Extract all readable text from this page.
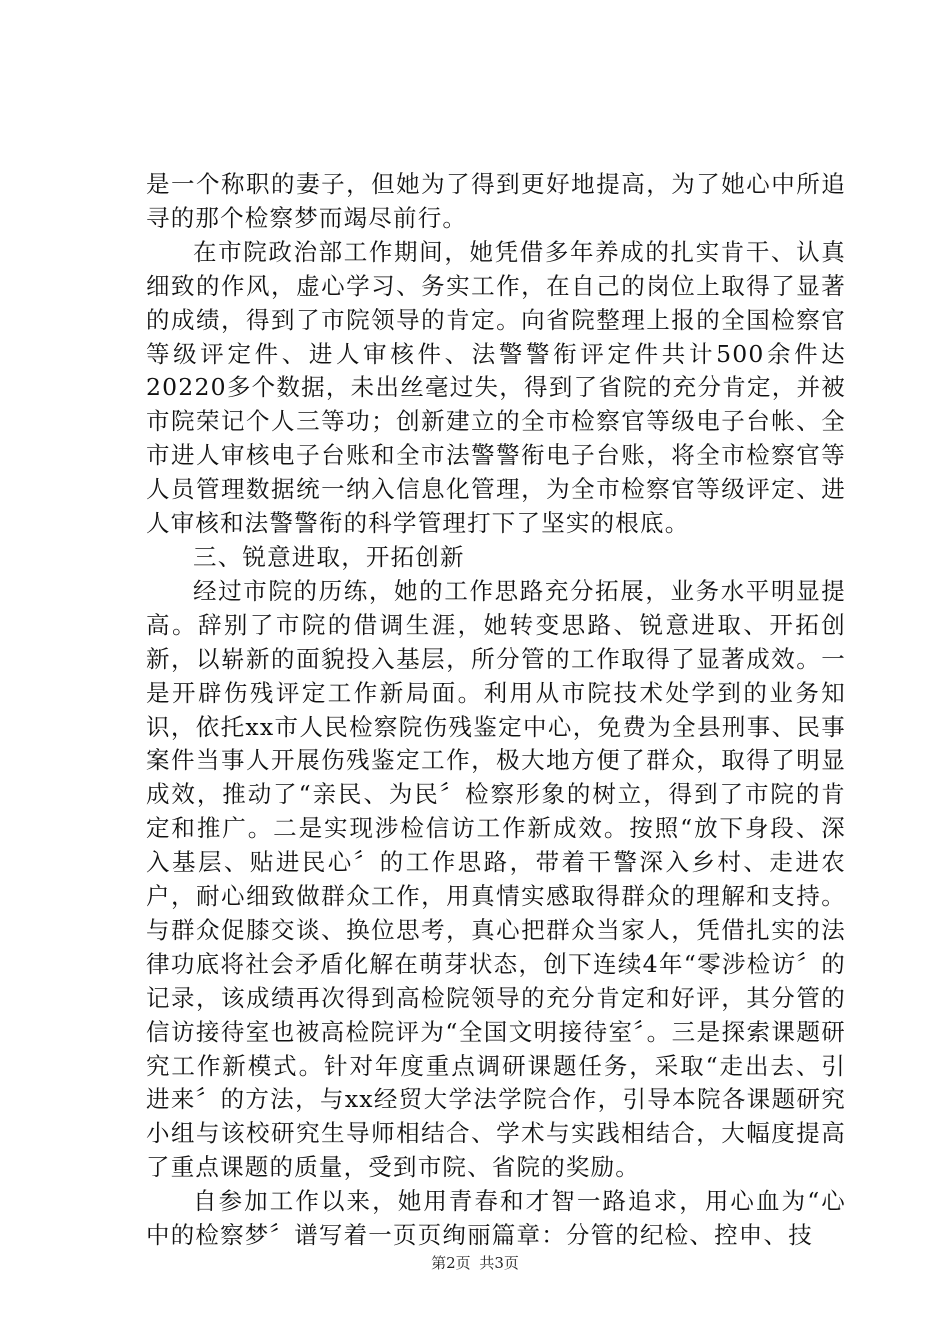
是一个称职的妻子，但她为了得到更好地提高，为了她心中所追寻的那个检察梦而竭尽前行。

在市院政治部工作期间，她凭借多年养成的扎实肯干、认真细致的作风，虚心学习、务实工作，在自己的岗位上取得了显著的成绩，得到了市院领导的肯定。向省院整理上报的全国检察官等级评定件、进人审核件、法警警衔评定件共计500余件达20220多个数据，未出丝毫过失，得到了省院的充分肯定，并被市院荣记个人三等功；创新建立的全市检察官等级电子台帐、全市进人审核电子台账和全市法警警衔电子台账，将全市检察官等人员管理数据统一纳入信息化管理，为全市检察官等级评定、进人审核和法警警衔的科学管理打下了坚实的根底。

三、锐意进取，开拓创新

经过市院的历练，她的工作思路充分拓展，业务水平明显提高。辞别了市院的借调生涯，她转变思路、锐意进取、开拓创新，以崭新的面貌投入基层，所分管的工作取得了显著成效。一是开辟伤残评定工作新局面。利用从市院技术处学到的业务知识，依托xx市人民检察院伤残鉴定中心，免费为全县刑事、民事案件当事人开展伤残鉴定工作，极大地方便了群众，取得了明显成效，推动了“亲民、为民〞检察形象的树立，得到了市院的肯定和推广。二是实现涉检信访工作新成效。按照“放下身段、深入基层、贴进民心〞的工作思路，带着干警深入乡村、走进农户，耐心细致做群众工作，用真情实感取得群众的理解和支持。与群众促膝交谈、换位思考，真心把群众当家人，凭借扎实的法律功底将社会矛盾化解在萌芽状态，创下连续4年“零涉检访〞的记录，该成绩再次得到高检院领导的充分肯定和好评，其分管的信访接待室也被高检院评为“全国文明接待室〞。三是探索课题研究工作新模式。针对年度重点调研课题任务，采取“走出去、引进来〞的方法，与xx经贸大学法学院合作，引导本院各课题研究小组与该校研究生导师相结合、学术与实践相结合，大幅度提高了重点课题的质量，受到市院、省院的奖励。

自参加工作以来，她用青春和才智一路追求，用心血为“心中的检察梦〞谱写着一页页绚丽篇章：分管的纪检、控申、技

第2页 共3页
